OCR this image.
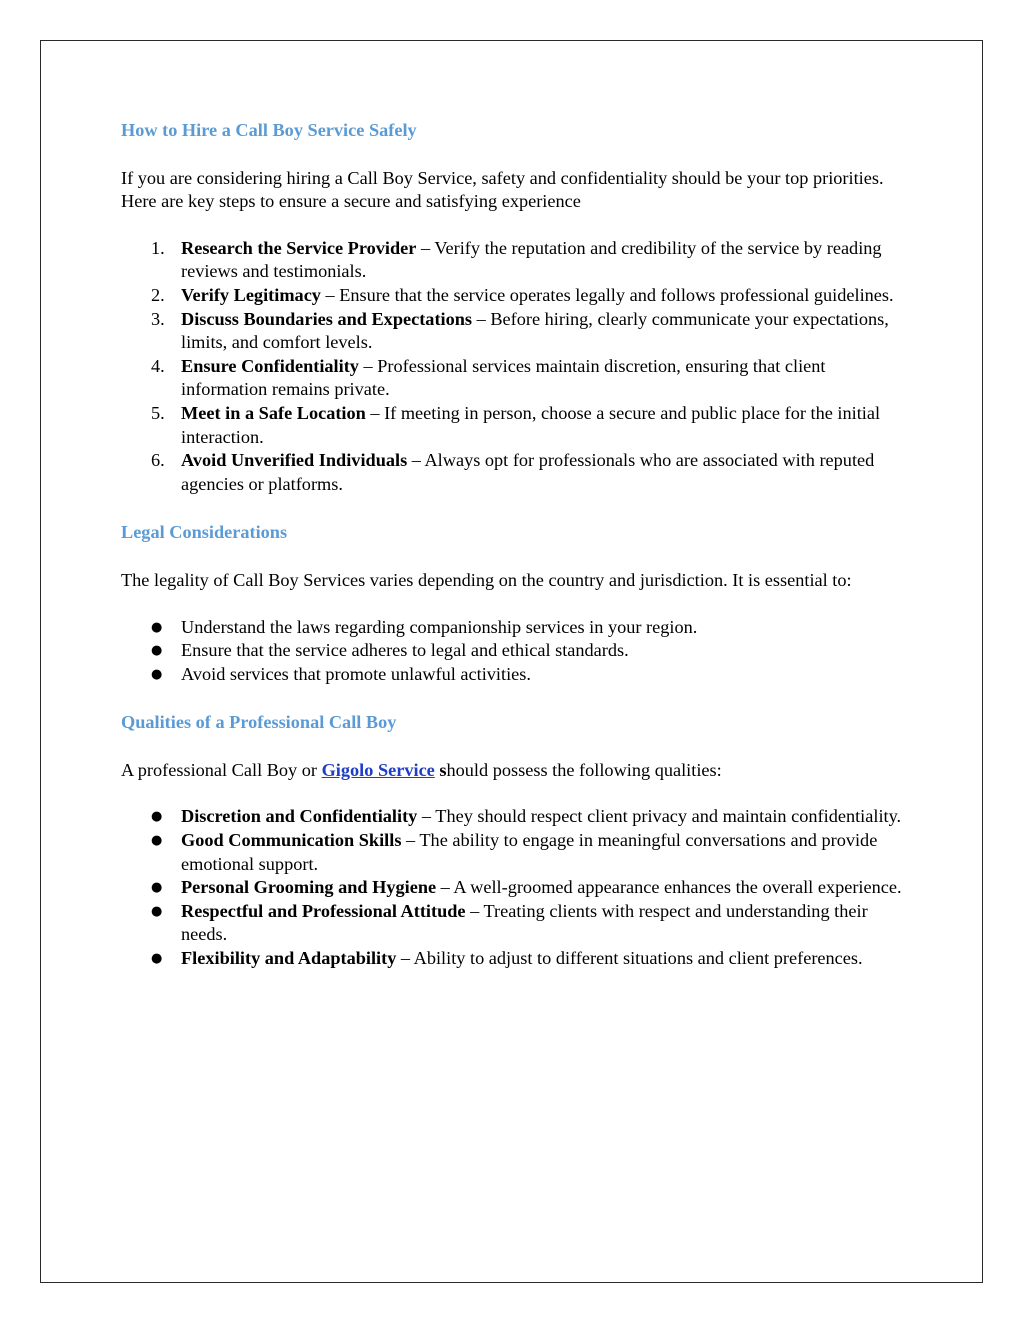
How to Hire a Call Boy Service Safely

If you are considering hiring a Call Boy Service, safety and confidentiality should be your top priorities. Here are key steps to ensure a secure and satisfying experience

1. Research the Service Provider – Verify the reputation and credibility of the service by reading reviews and testimonials.
2. Verify Legitimacy – Ensure that the service operates legally and follows professional guidelines.
3. Discuss Boundaries and Expectations – Before hiring, clearly communicate your expectations, limits, and comfort levels.
4. Ensure Confidentiality – Professional services maintain discretion, ensuring that client information remains private.
5. Meet in a Safe Location – If meeting in person, choose a secure and public place for the initial interaction.
6. Avoid Unverified Individuals – Always opt for professionals who are associated with reputed agencies or platforms.
Legal Considerations

The legality of Call Boy Services varies depending on the country and jurisdiction. It is essential to:

● Understand the laws regarding companionship services in your region.
● Ensure that the service adheres to legal and ethical standards.
● Avoid services that promote unlawful activities.
Qualities of a Professional Call Boy

A professional Call Boy or Gigolo Service should possess the following qualities:

● Discretion and Confidentiality – They should respect client privacy and maintain confidentiality.
● Good Communication Skills – The ability to engage in meaningful conversations and provide emotional support.
● Personal Grooming and Hygiene – A well-groomed appearance enhances the overall experience.
● Respectful and Professional Attitude – Treating clients with respect and understanding their needs.
● Flexibility and Adaptability – Ability to adjust to different situations and client preferences.
